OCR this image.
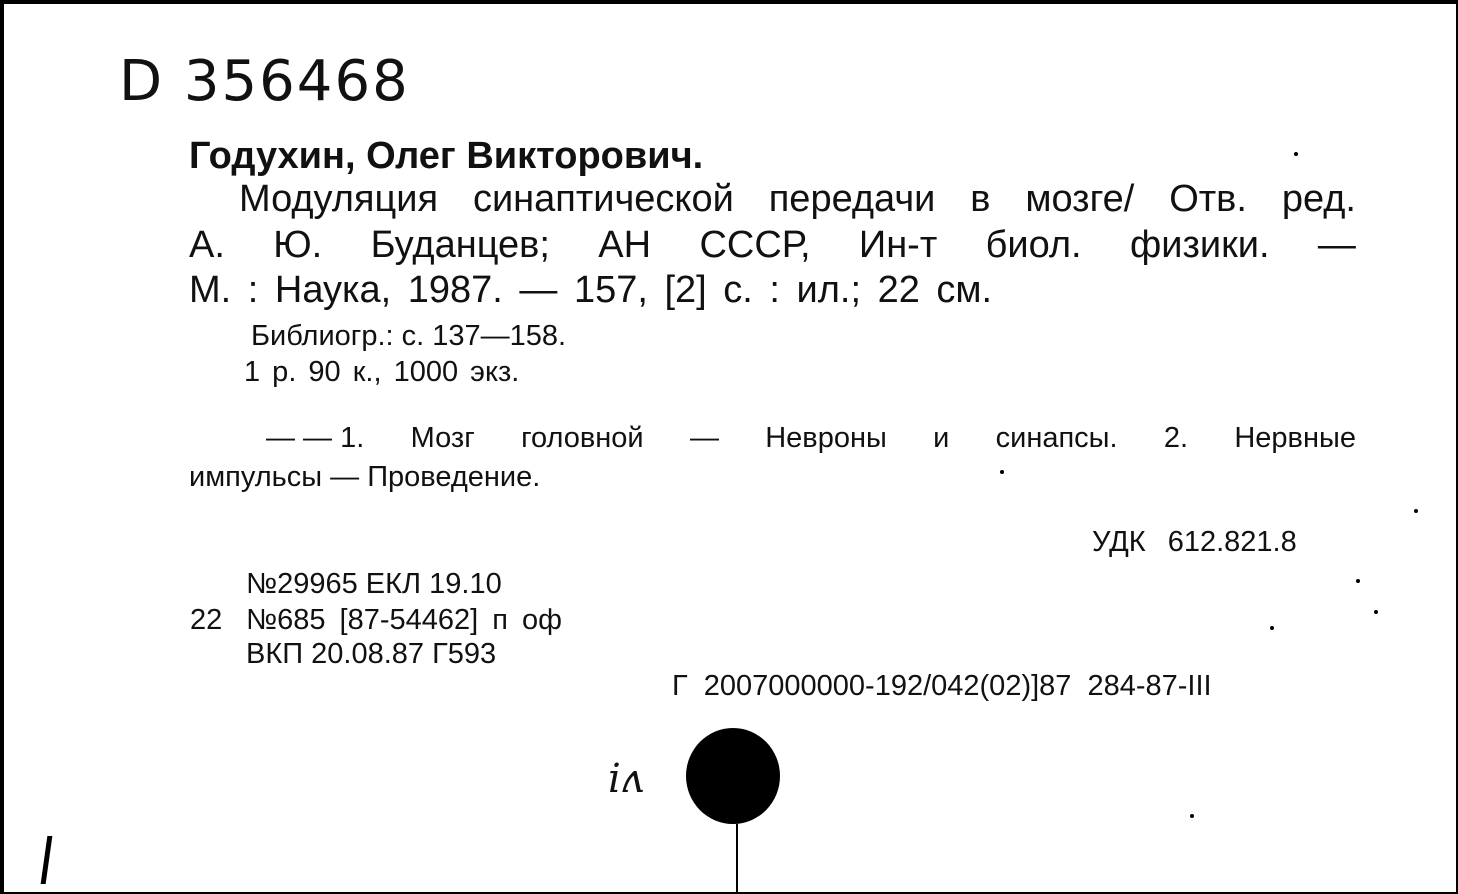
D 356468
Годухин, Олег Викторович.
Модуляция синаптической передачи в мозге/ Отв. ред.
А. Ю. Буданцев; АН СССР, Ин-т биол. физики. —
М. : Наука, 1987. — 157, [2] с. : ил.; 22 см.
Библиогр.: с. 137—158.
1 р. 90 к., 1000 экз.
— — 1. Мозг головной — Невроны и синапсы. 2. Нервные
импульсы — Проведение.
УДК 612.821.8
№29965 ЕКЛ 19.10
22 №685 [87-54462] п оф
ВКП 20.08.87 Г593
Г 2007000000-192/042(02)]87 284-87-III
iʌ
